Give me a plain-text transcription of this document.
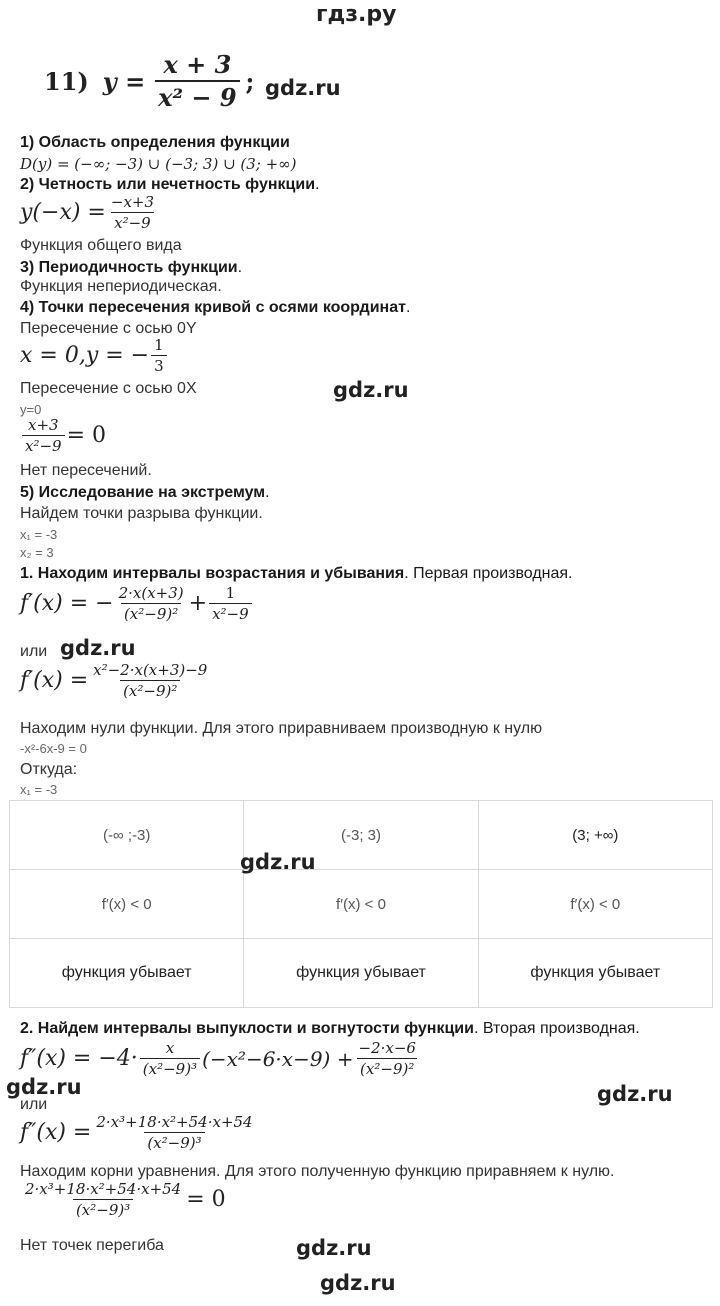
гдз.ру
11) $y = \frac{x + 3}{\text{x² − 9}}$ ; gdz.ru
1) Область определения функции
D(y) = (−∞; −3) ∪ (−3; 3) ∪ (3; +∞)
2) Четность или нечетность функции.
$y(-x) = \frac{-x+3}{\text{x²−9}}$
Функция общего вида
3) Периодичность функции.
Функция непериодическая.
4) Точки пересечения кривой с осями координат.
Пересечение с осью 0Y
x = 0,y = − $\frac{1}{3}$
Пересечение с осью 0X	gdz.ru
y=0
$\frac{x+3}{\text{x²−9}} = 0$
Нет пересечений.
5) Исследование на экстремум.
Найдем точки разрыва функции.
x₁ = -3
x₂ = 3
1. Находим интервалы возрастания и убывания. Первая производная.
f′(x) = − $\frac{2\cdot x(x+3)}{\text{(x²−9)²}} + \frac{1}{\text{x²−9}}$
или gdz.ru
$f'(x) = \frac{\text{x²−2·x(x+3)−9}}{\text{(x²−9)²}}$
Находим нули функции. Для этого приравниваем производную к нулю
-x²-6x-9 = 0
Откуда:
x₁ = -3
(-∞ ;-3)	(-3; 3)	(3; +∞)
f′(x) < 0	f′(x) < 0	f′(x) < 0
функция убывает	функция убывает	функция убывает
gdz.ru
2. Найдем интервалы выпуклости и вогнутости функции. Вторая производная.
$f''(x) = -4\cdot \frac{x}{\text{(x²−9)³}} (-x^2-6\cdot x-9) + \frac{-2\cdot x-6}{\text{(x²−9)²}}$
gdz.ru	gdz.ru
или
$f''(x) = \frac{\text{2·x³+18·x²+54·x+54}}{\text{(x²−9)³}}$
Находим корни уравнения. Для этого полученную функцию приравняем к нулю.
$\frac{\text{2·x³+18·x²+54·x+54}}{\text{(x²−9)³}} = 0$
Нет точек перегиба	gdz.ru
gdz.ru
